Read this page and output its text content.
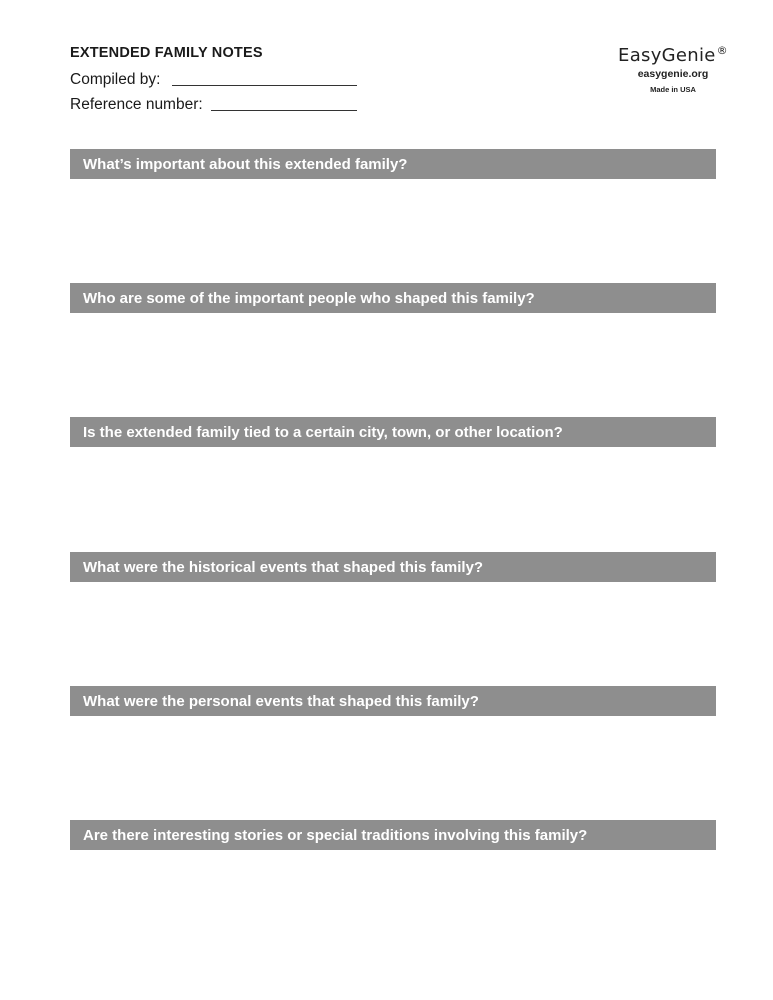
EXTENDED FAMILY NOTES
Compiled by:
Reference number:
EasyGenie®
easygenie.org
Made in USA
What’s important about this extended family?
Who are some of the important people who shaped this family?
Is the extended family tied to a certain city, town, or other location?
What were the historical events that shaped this family?
What were the personal events that shaped this family?
Are there interesting stories or special traditions involving this family?
